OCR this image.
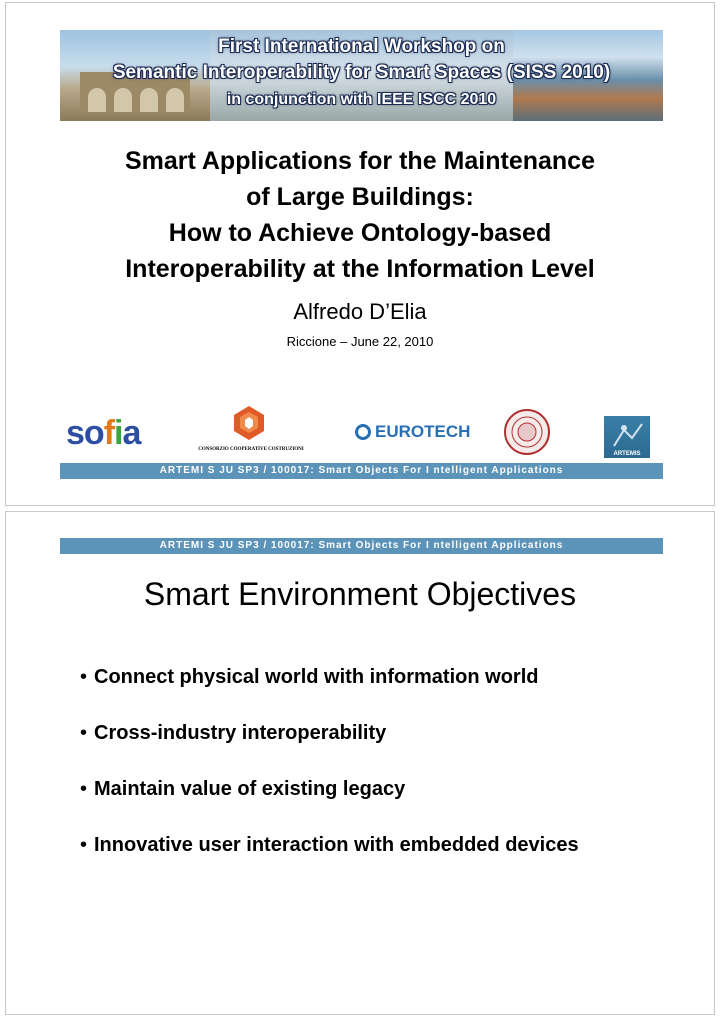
First International Workshop on
Semantic Interoperability for Smart Spaces (SISS 2010)
in conjunction with IEEE ISCC 2010
Smart Applications for the Maintenance
of Large Buildings:
How to Achieve Ontology-based
Interoperability at the Information Level
Alfredo D’Elia
Riccione – June 22, 2010
sofia	CONSORZIO COOPERATIVE COSTRUZIONI
EUROTECH
ARTEMIS
ARTEMI S JU SP3 / 100017: Smart Objects For I ntelligent Applications
ARTEMI S JU SP3 / 100017: Smart Objects For I ntelligent Applications
Smart Environment Objectives
• Connect physical world with information world
• Cross-industry interoperability
• Maintain value of existing legacy
• Innovative user interaction with embedded devices
